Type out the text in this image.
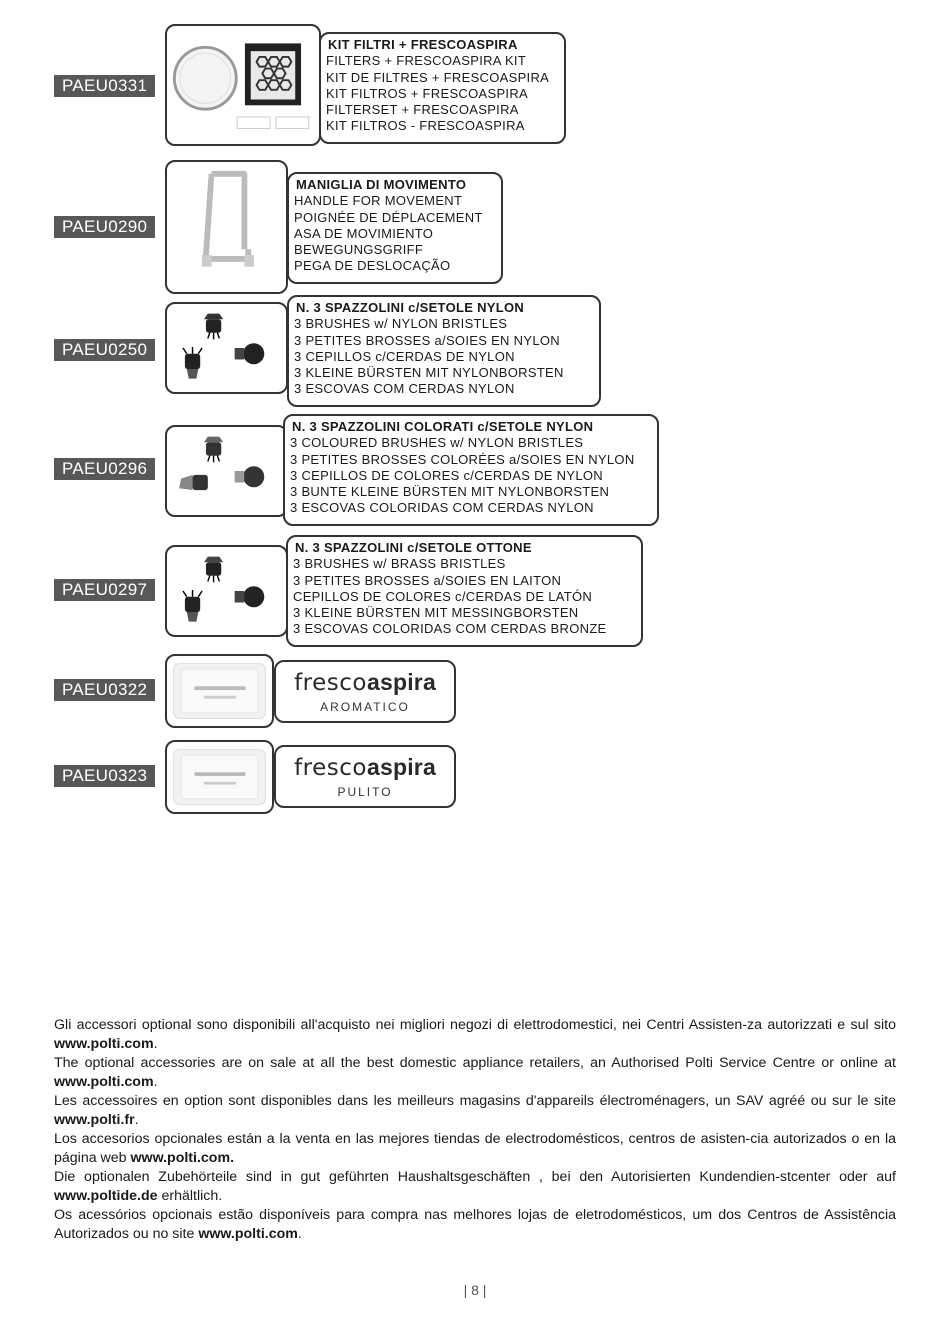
PAEU0331
KIT FILTRI + FRESCOASPIRA
FILTERS + FRESCOASPIRA KIT
KIT DE FILTRES + FRESCOASPIRA
KIT FILTROS + FRESCOASPIRA
FILTERSET + FRESCOASPIRA
KIT FILTROS - FRESCOASPIRA
PAEU0290
MANIGLIA DI MOVIMENTO
HANDLE FOR MOVEMENT
POIGNÉE DE DÉPLACEMENT
ASA DE MOVIMIENTO
BEWEGUNGSGRIFF
PEGA DE DESLOCAÇÃO
PAEU0250
N. 3 SPAZZOLINI c/SETOLE NYLON
3 BRUSHES w/ NYLON BRISTLES
3 PETITES BROSSES a/SOIES EN NYLON
3 CEPILLOS c/CERDAS DE NYLON
3 KLEINE BÜRSTEN MIT NYLONBORSTEN
3 ESCOVAS COM CERDAS NYLON
PAEU0296
N. 3 SPAZZOLINI COLORATI c/SETOLE NYLON
3 COLOURED BRUSHES w/ NYLON BRISTLES
3 PETITES BROSSES COLORÉES a/SOIES EN NYLON
3 CEPILLOS DE COLORES c/CERDAS DE NYLON
3 BUNTE KLEINE BÜRSTEN MIT NYLONBORSTEN
3 ESCOVAS COLORIDAS COM CERDAS NYLON
PAEU0297
N. 3 SPAZZOLINI c/SETOLE OTTONE
3 BRUSHES w/ BRASS BRISTLES
3 PETITES BROSSES a/SOIES EN LAITON
CEPILLOS DE COLORES c/CERDAS DE LATÓN
3 KLEINE BÜRSTEN MIT MESSINGBORSTEN
3 ESCOVAS COLORIDAS COM CERDAS BRONZE
PAEU0322	frescoaspira
AROMATICO
PAEU0323	frescoaspira
PULITO

Gli accessori optional sono disponibili all'acquisto nei migliori negozi di elettrodomestici, nei Centri Assisten-za autorizzati e sul sito www.polti.com.

The optional accessories are on sale at all the best domestic appliance retailers, an Authorised Polti Service Centre or online at www.polti.com.

Les accessoires en option sont disponibles dans les meilleurs magasins d'appareils électroménagers, un SAV agréé ou sur le site www.polti.fr.

Los accesorios opcionales están a la venta en las mejores tiendas de electrodomésticos, centros de asisten-cia autorizados o en la página web www.polti.com.

Die optionalen Zubehörteile sind in gut geführten Haushaltsgeschäften , bei den Autorisierten Kundendien-stcenter oder auf www.poltide.de erhältlich.

Os acessórios opcionais estão disponíveis para compra nas melhores lojas de eletrodomésticos, um dos Centros de Assistência Autorizados ou no site www.polti.com.

| 8 |
